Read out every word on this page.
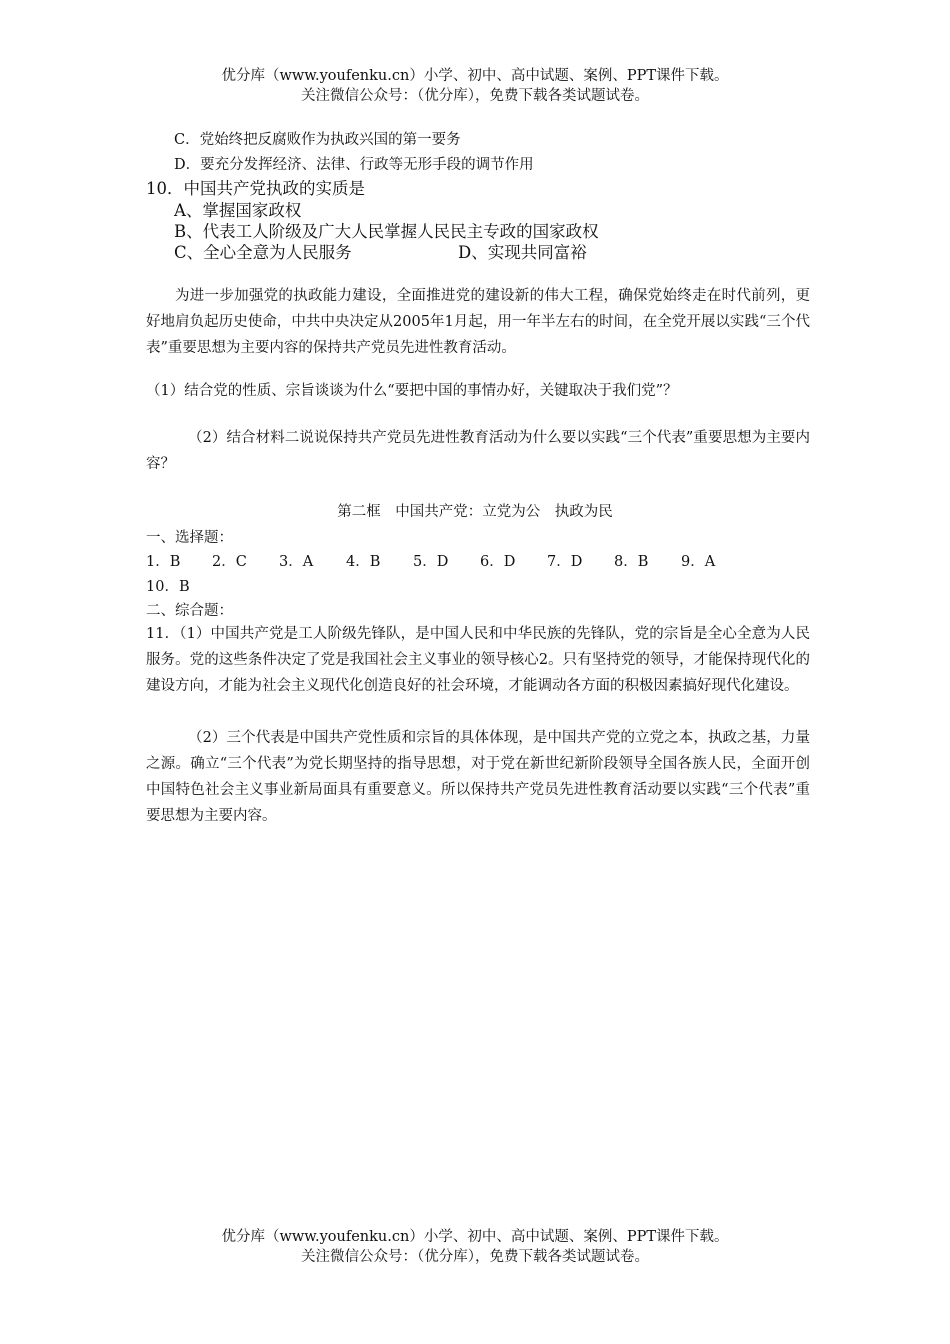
优分库（www.youfenku.cn）小学、初中、高中试题、案例、PPT课件下载。
关注微信公众号：（优分库），免费下载各类试题试卷。
C．党始终把反腐败作为执政兴国的第一要务
D．要充分发挥经济、法律、行政等无形手段的调节作用
10．中国共产党执政的实质是
A、掌握国家政权
B、代表工人阶级及广大人民掌握人民民主专政的国家政权
C、全心全意为人民服务	D、实现共同富裕
为进一步加强党的执政能力建设，全面推进党的建设新的伟大工程，确保党始终走在时代前列，更好地肩负起历史使命，中共中央决定从2005年1月起，用一年半左右的时间，在全党开展以实践“三个代表”重要思想为主要内容的保持共产党员先进性教育活动。
（1）结合党的性质、宗旨谈谈为什么“要把中国的事情办好，关键取决于我们党”？
（2）结合材料二说说保持共产党员先进性教育活动为什么要以实践“三个代表”重要思想为主要内容？
第二框　中国共产党：立党为公　执政为民
一、选择题：
1．B 2．C 3．A 4．B 5．D 6．D 7．D 8．B 9．A
10．B
二、综合题：
11．（1）中国共产党是工人阶级先锋队，是中国人民和中华民族的先锋队，党的宗旨是全心全意为人民服务。党的这些条件决定了党是我国社会主义事业的领导核心2。只有坚持党的领导，才能保持现代化的建设方向，才能为社会主义现代化创造良好的社会环境，才能调动各方面的积极因素搞好现代化建设。
（2）三个代表是中国共产党性质和宗旨的具体体现，是中国共产党的立党之本，执政之基，力量之源。确立“三个代表”为党长期坚持的指导思想，对于党在新世纪新阶段领导全国各族人民，全面开创中国特色社会主义事业新局面具有重要意义。所以保持共产党员先进性教育活动要以实践“三个代表”重要思想为主要内容。
优分库（www.youfenku.cn）小学、初中、高中试题、案例、PPT课件下载。
关注微信公众号：（优分库），免费下载各类试题试卷。
